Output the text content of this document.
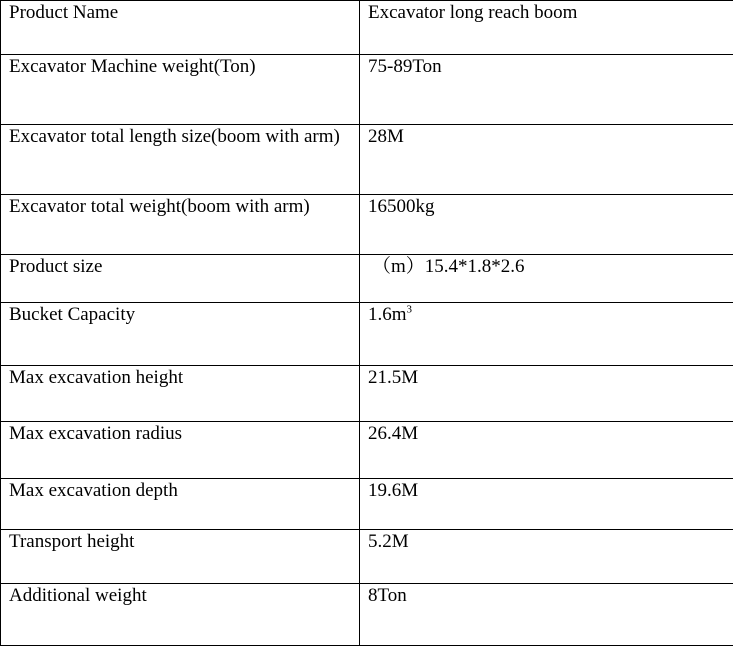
Product Name	Excavator long reach boom
Excavator Machine weight(Ton)	75-89Ton
Excavator total length size(boom with arm)	28M
Excavator total weight(boom with arm)	16500kg
Product size	（m）15.4*1.8*2.6
Bucket Capacity	$1.6m^3$
Max excavation height	21.5M
Max excavation radius	26.4M
Max excavation depth	19.6M
Transport height	5.2M
Additional weight	8Ton
